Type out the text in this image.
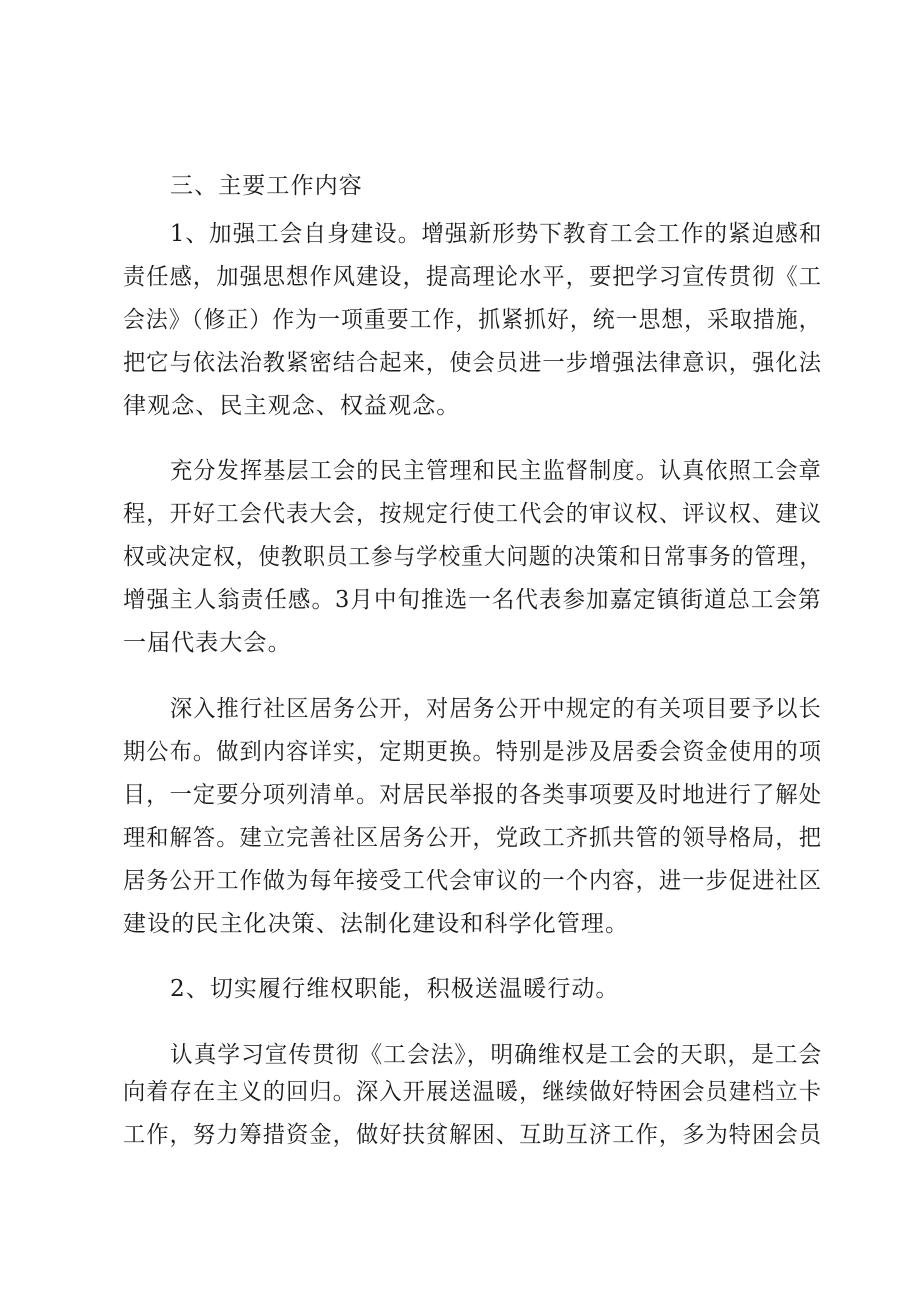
三、主要工作内容
1、加强工会自身建设。增强新形势下教育工会工作的紧迫感和
责任感，加强思想作风建设，提高理论水平，要把学习宣传贯彻《工
会法》（修正）作为一项重要工作，抓紧抓好，统一思想，采取措施，
把它与依法治教紧密结合起来，使会员进一步增强法律意识，强化法
律观念、民主观念、权益观念。
充分发挥基层工会的民主管理和民主监督制度。认真依照工会章
程，开好工会代表大会，按规定行使工代会的审议权、评议权、建议
权或决定权，使教职员工参与学校重大问题的决策和日常事务的管理，
增强主人翁责任感。3月中旬推选一名代表参加嘉定镇街道总工会第
一届代表大会。
深入推行社区居务公开，对居务公开中规定的有关项目要予以长
期公布。做到内容详实，定期更换。特别是涉及居委会资金使用的项
目，一定要分项列清单。对居民举报的各类事项要及时地进行了解处
理和解答。建立完善社区居务公开，党政工齐抓共管的领导格局，把
居务公开工作做为每年接受工代会审议的一个内容，进一步促进社区
建设的民主化决策、法制化建设和科学化管理。
2、切实履行维权职能，积极送温暖行动。
认真学习宣传贯彻《工会法》，明确维权是工会的天职，是工会
向着存在主义的回归。深入开展送温暖，继续做好特困会员建档立卡
工作，努力筹措资金，做好扶贫解困、互助互济工作，多为特困会员
